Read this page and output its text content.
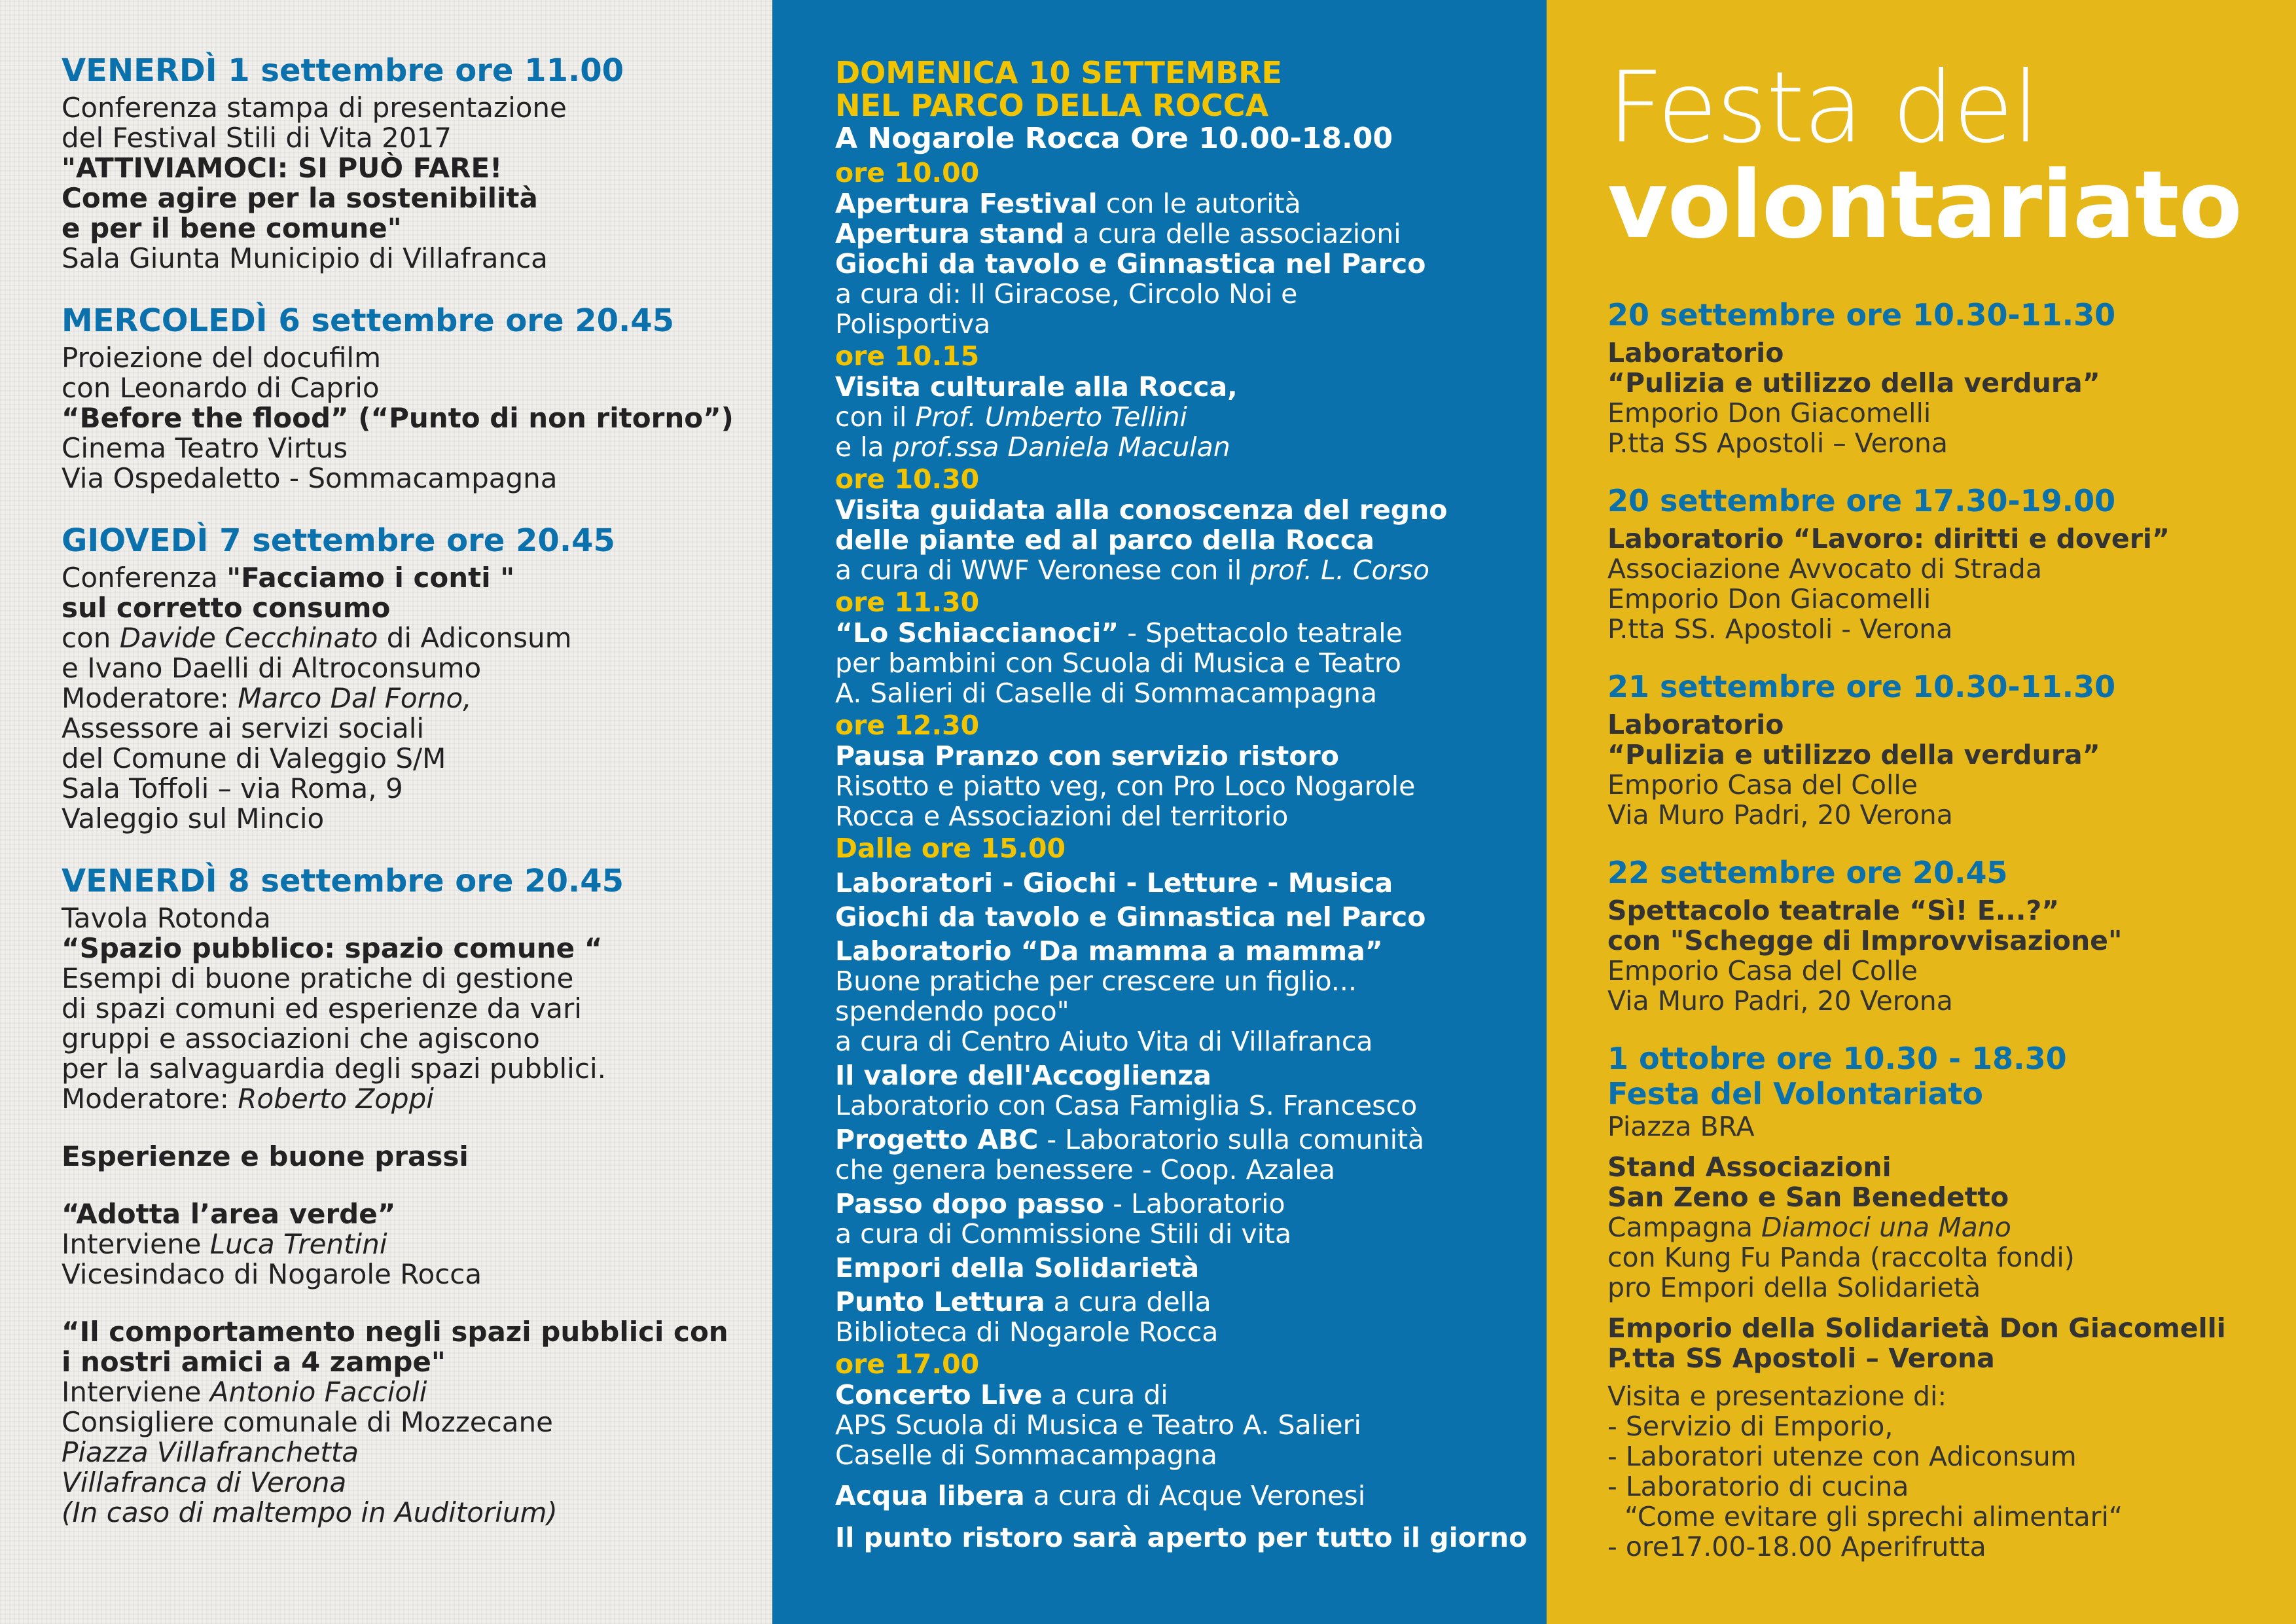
VENERDÌ 1 settembre ore 11.00
Conferenza stampa di presentazione
del Festival Stili di Vita 2017
"ATTIVIAMOCI: SI PUÒ FARE!
Come agire per la sostenibilità
e per il bene comune"
Sala Giunta Municipio di Villafranca
MERCOLEDÌ 6 settembre ore 20.45
Proiezione del docufilm
con Leonardo di Caprio
“Before the flood” (“Punto di non ritorno”)
Cinema Teatro Virtus
Via Ospedaletto - Sommacampagna
GIOVEDÌ 7 settembre ore 20.45
Conferenza "Facciamo i conti "
sul corretto consumo
con Davide Cecchinato di Adiconsum
e Ivano Daelli di Altroconsumo
Moderatore: Marco Dal Forno,
Assessore ai servizi sociali
del Comune di Valeggio S/M
Sala Toffoli – via Roma, 9
Valeggio sul Mincio
VENERDÌ 8 settembre ore 20.45
Tavola Rotonda
“Spazio pubblico: spazio comune “
Esempi di buone pratiche di gestione
di spazi comuni ed esperienze da vari
gruppi e associazioni che agiscono
per la salvaguardia degli spazi pubblici.
Moderatore: Roberto Zoppi
Esperienze e buone prassi
“Adotta l’area verde”
Interviene Luca Trentini
Vicesindaco di Nogarole Rocca
“Il comportamento negli spazi pubblici con
i nostri amici a 4 zampe"
Interviene Antonio Faccioli
Consigliere comunale di Mozzecane
Piazza Villafranchetta
Villafranca di Verona
(In caso di maltempo in Auditorium)
DOMENICA 10 SETTEMBRE
NEL PARCO DELLA ROCCA
A Nogarole Rocca Ore 10.00-18.00
ore 10.00
Apertura Festival con le autorità
Apertura stand a cura delle associazioni
Giochi da tavolo e Ginnastica nel Parco
a cura di: Il Giracose, Circolo Noi e
Polisportiva
ore 10.15
Visita culturale alla Rocca,
con il Prof. Umberto Tellini
e la prof.ssa Daniela Maculan
ore 10.30
Visita guidata alla conoscenza del regno
delle piante ed al parco della Rocca
a cura di WWF Veronese con il prof. L. Corso
ore 11.30
“Lo Schiaccianoci” - Spettacolo teatrale
per bambini con Scuola di Musica e Teatro
A. Salieri di Caselle di Sommacampagna
ore 12.30
Pausa Pranzo con servizio ristoro
Risotto e piatto veg, con Pro Loco Nogarole
Rocca e Associazioni del territorio
Dalle ore 15.00
Laboratori - Giochi - Letture - Musica
Giochi da tavolo e Ginnastica nel Parco
Laboratorio “Da mamma a mamma”
Buone pratiche per crescere un figlio...
spendendo poco"
a cura di Centro Aiuto Vita di Villafranca
Il valore dell'Accoglienza
Laboratorio con Casa Famiglia S. Francesco
Progetto ABC - Laboratorio sulla comunità
che genera benessere - Coop. Azalea
Passo dopo passo - Laboratorio
a cura di Commissione Stili di vita
Empori della Solidarietà
Punto Lettura a cura della
Biblioteca di Nogarole Rocca
ore 17.00
Concerto Live a cura di
APS Scuola di Musica e Teatro A. Salieri
Caselle di Sommacampagna
Acqua libera a cura di Acque Veronesi
Il punto ristoro sarà aperto per tutto il giorno
Festa del
volontariato
20 settembre ore 10.30-11.30
Laboratorio
“Pulizia e utilizzo della verdura”
Emporio Don Giacomelli
P.tta SS Apostoli – Verona
20 settembre ore 17.30-19.00
Laboratorio “Lavoro: diritti e doveri”
Associazione Avvocato di Strada
Emporio Don Giacomelli
P.tta SS. Apostoli - Verona
21 settembre ore 10.30-11.30
Laboratorio
“Pulizia e utilizzo della verdura”
Emporio Casa del Colle
Via Muro Padri, 20 Verona
22 settembre ore 20.45
Spettacolo teatrale “Sì! E...?”
con "Schegge di Improvvisazione"
Emporio Casa del Colle
Via Muro Padri, 20 Verona
1 ottobre ore 10.30 - 18.30
Festa del Volontariato
Piazza BRA
Stand Associazioni
San Zeno e San Benedetto
Campagna Diamoci una Mano
con Kung Fu Panda (raccolta fondi)
pro Empori della Solidarietà
Emporio della Solidarietà Don Giacomelli
P.tta SS Apostoli – Verona
Visita e presentazione di:
- Servizio di Emporio,
- Laboratori utenze con Adiconsum
- Laboratorio di cucina
“Come evitare gli sprechi alimentari“
- ore17.00-18.00 Aperifrutta
